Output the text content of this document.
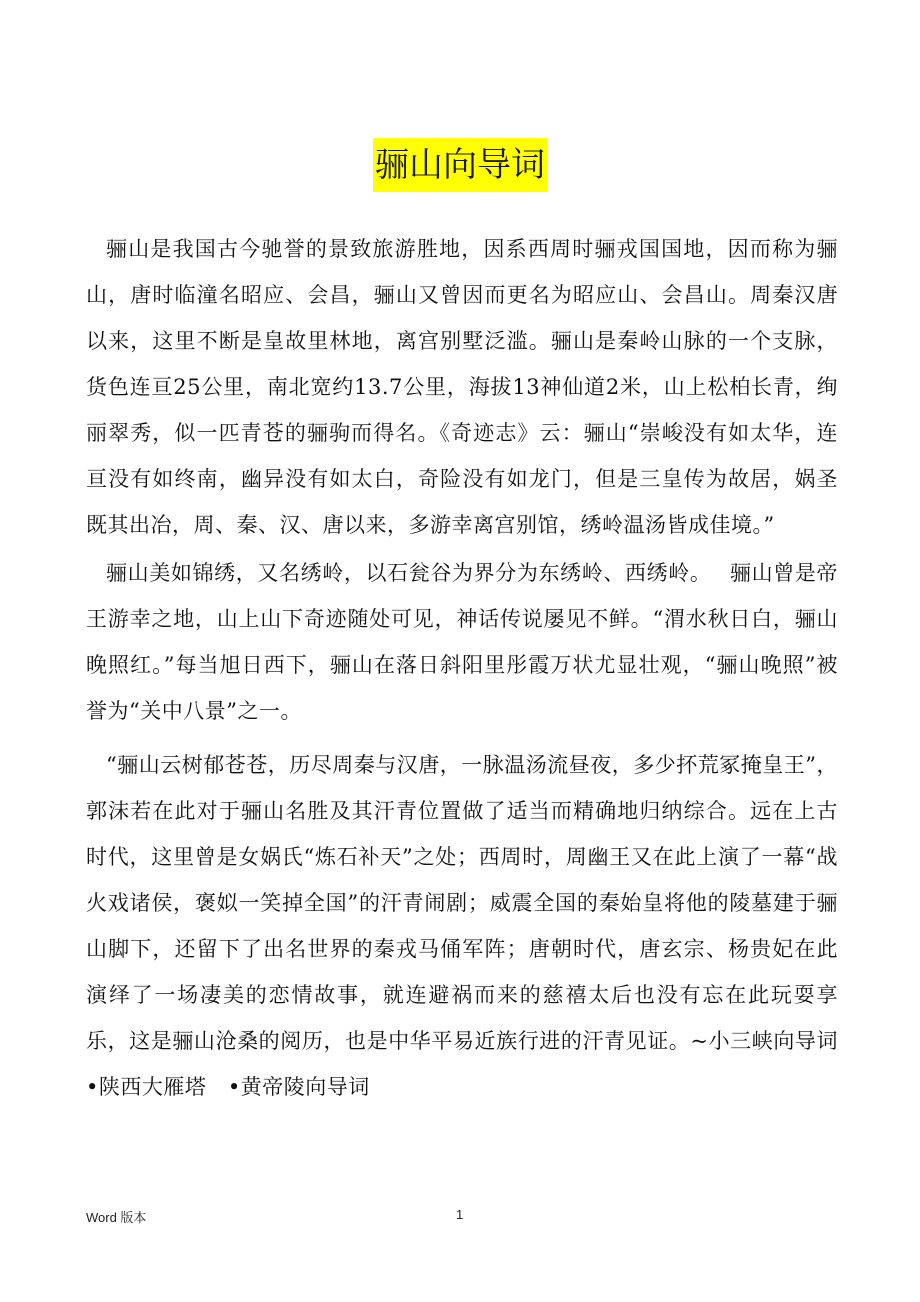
骊山向导词

骊山是我国古今驰誉的景致旅游胜地，因系西周时骊戎国国地，因而称为骊山，唐时临潼名昭应、会昌，骊山又曾因而更名为昭应山、会昌山。周秦汉唐以来，这里不断是皇故里林地，离宫别墅泛滥。骊山是秦岭山脉的一个支脉，货色连亘25公里，南北宽约13.7公里，海拔13神仙道2米，山上松柏长青，绚丽翠秀，似一匹青苍的骊驹而得名。《奇迹志》云：骊山“崇峻没有如太华，连亘没有如终南，幽异没有如太白，奇险没有如龙门，但是三皇传为故居，娲圣既其出冶，周、秦、汉、唐以来，多游幸离宫别馆，绣岭温汤皆成佳境。”

骊山美如锦绣，又名绣岭，以石瓮谷为界分为东绣岭、西绣岭。　 骊山曾是帝王游幸之地，山上山下奇迹随处可见，神话传说屡见不鲜。“渭水秋日白，骊山晚照红。”每当旭日西下，骊山在落日斜阳里彤霞万状尤显壮观，“骊山晚照”被誉为“关中八景”之一。

“骊山云树郁苍苍，历尽周秦与汉唐，一脉温汤流昼夜，多少抔荒冢掩皇王”，郭沫若在此对于骊山名胜及其汗青位置做了适当而精确地归纳综合。远在上古时代，这里曾是女娲氏“炼石补天”之处；西周时，周幽王又在此上演了一幕“战火戏诸侯，褒姒一笑掉全国”的汗青闹剧；威震全国的秦始皇将他的陵墓建于骊山脚下，还留下了出名世界的秦戎马俑军阵；唐朝时代，唐玄宗、杨贵妃在此演绎了一场凄美的恋情故事，就连避祸而来的慈禧太后也没有忘在此玩耍享乐，这是骊山沧桑的阅历，也是中华平易近族行进的汗青见证。~小三峡向导词　•陕西大雁塔　•黄帝陵向导词

Word 版本	1
